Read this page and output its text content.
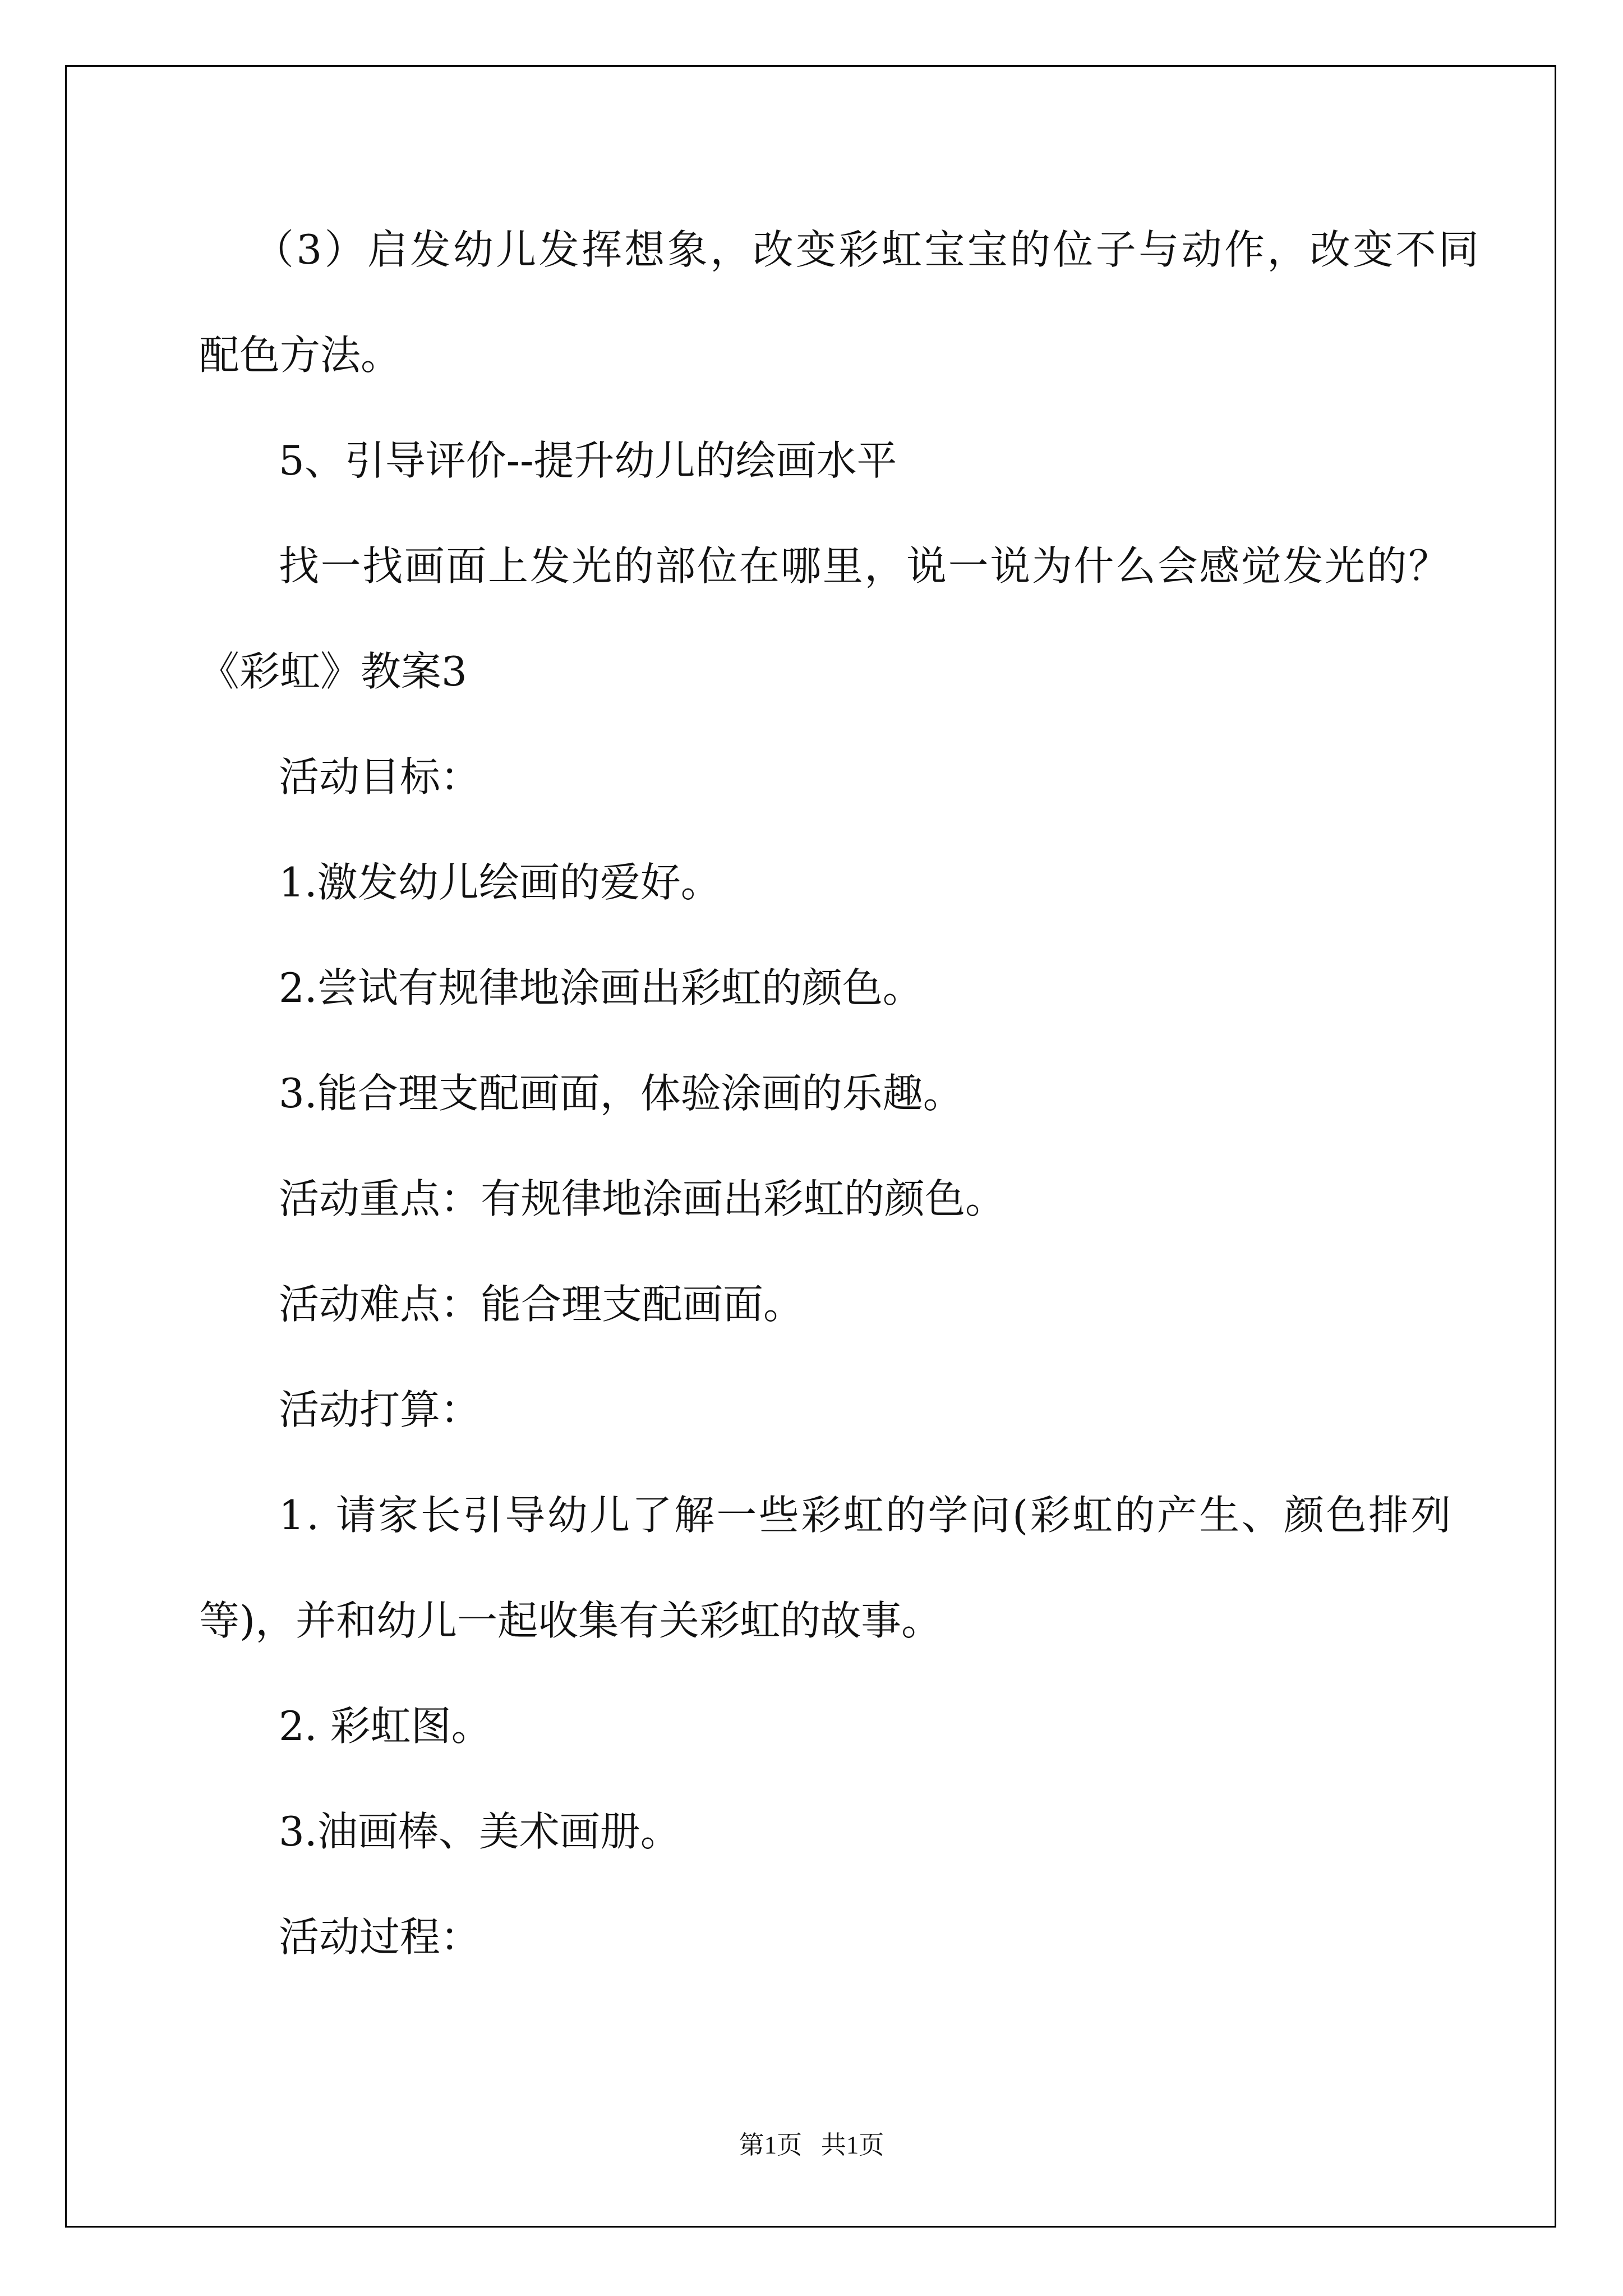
（3）启发幼儿发挥想象，改变彩虹宝宝的位子与动作，改变不同

配色方法。

5、引导评价--提升幼儿的绘画水平

找一找画面上发光的部位在哪里，说一说为什么会感觉发光的？

《彩虹》教案3

活动目标：

1.激发幼儿绘画的爱好。

2.尝试有规律地涂画出彩虹的颜色。

3.能合理支配画面，体验涂画的乐趣。

活动重点：有规律地涂画出彩虹的颜色。

活动难点：能合理支配画面。

活动打算：

1. 请家长引导幼儿了解一些彩虹的学问(彩虹的产生、颜色排列

等)，并和幼儿一起收集有关彩虹的故事。

2. 彩虹图。

3.油画棒、美术画册。

活动过程：

第1页   共1页
